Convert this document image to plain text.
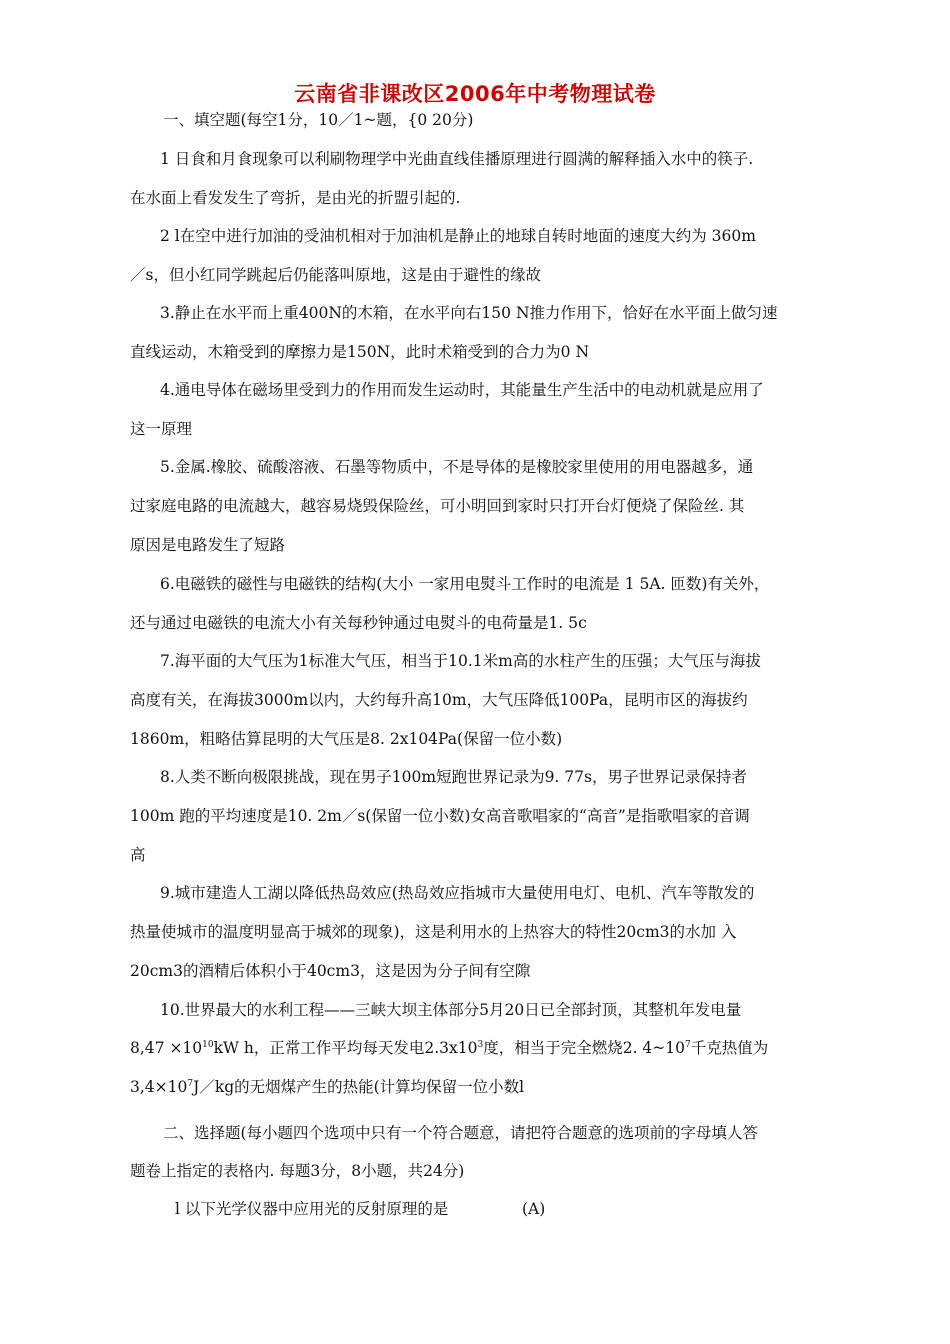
云南省非课改区2006年中考物理试卷
一、填空题(每空1分，10／1~题，{0 20分)
1 日食和月食现象可以利刷物理学中光曲直线佳播原理进行圆满的解释插入水中的筷子.
在水面上看发发生了弯折，是由光的折盟引起的.
2 l在空中进行加油的受油机相对于加油机是静止的地球自转时地面的速度大约为 360m
／s，但小红同学跳起后仍能落叫原地，这是由于避性的缘故
3.静止在水平而上重400N的木箱，在水平向右150 N推力作用下，恰好在水平面上做匀速
直线运动，木箱受到的摩擦力是150N，此时术箱受到的合力为0 N
4.通电导体在磁场里受到力的作用而发生运动时，其能量生产生活中的电动机就是应用了
这一原理
5.金属.橡胶、硫酸溶液、石墨等物质中，不是导体的是橡胶家里使用的用电器越多，通
过家庭电路的电流越大，越容易烧毁保险丝，可小明回到家时只打开台灯便烧了保险丝. 其
原因是电路发生了短路
6.电磁铁的磁性与电磁铁的结构(大小 一家用电熨斗工作时的电流是 1 5A. 匝数)有关外，
还与通过电磁铁的电流大小有关每秒钟通过电熨斗的电荷量是1. 5c
7.海平面的大气压为1标准大气压，相当于10.1米m高的水柱产生的压强；大气压与海拔
高度有关，在海拔3000m以内，大约每升高10m，大气压降低100Pa，昆明市区的海拔约
1860m，粗略估算昆明的大气压是8. 2x104Pa(保留一位小数)
8.人类不断向极限挑战，现在男子100m短跑世界记录为9. 77s，男子世界记录保持者
100m 跑的平均速度是10. 2m／s(保留一位小数)女高音歌唱家的“高音”是指歌唱家的音调
高
9.城市建造人工湖以降低热岛效应(热岛效应指城市大量使用电灯、电机、汽车等散发的
热量使城市的温度明显高于城郊的现象)，这是利用水的上热容大的特性20cm3的水加 入
20cm3的酒精后体积小于40cm3，这是因为分子间有空隙
10.世界最大的水利工程——三峡大坝主体部分5月20日已全部封顶，其整机年发电量
$8,47 \times 10^{10}kW$ h，正常工作平均每天发电$2.3x10^3$度，相当于完全燃烧2. $4\sim 10^7$千克热值为
$3,4\times 10^7J/kg$的无烟煤产生的热能(计算均保留一位小数l
二、选择题(每小题四个选项中只有一个符合题意，请把符合题意的选项前的字母填人答
题卷上指定的表格内. 每题3分，8小题，共24分)
l 以下光学仪器中应用光的反射原理的是	(A)
